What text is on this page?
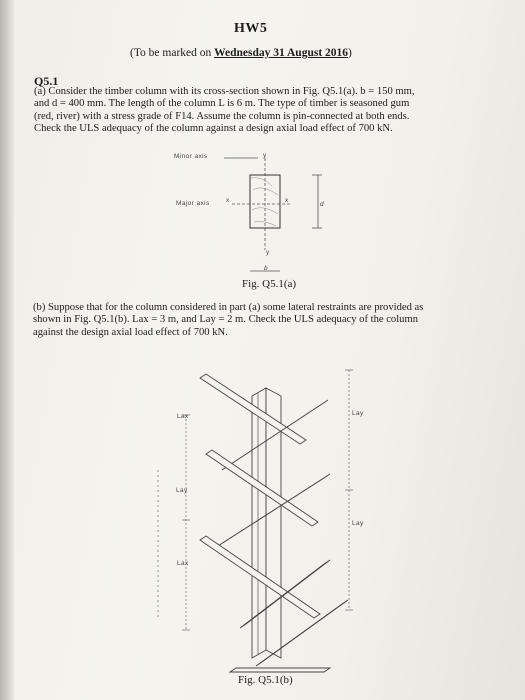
HW5
(To be marked on Wednesday 31 August 2016)
Q5.1
(a) Consider the timber column with its cross-section shown in Fig. Q5.1(a). b = 150 mm,
and d = 400 mm. The length of the column L is 6 m. The type of timber is seasoned gum
(red, river) with a stress grade of F14. Assume the column is pin-connected at both ends.
Check the ULS adequacy of the column against a design axial load effect of 700 kN.
Minor axis
Major axis
y
x	x
d
y
b
Fig. Q5.1(a)
(b) Suppose that for the column considered in part (a) some lateral restraints are provided as
shown in Fig. Q5.1(b). Lax = 3 m, and Lay = 2 m. Check the ULS adequacy of the column
against the design axial load effect of 700 kN.
Lax
Lax
Lay
Lay
Lay
Fig. Q5.1(b)
